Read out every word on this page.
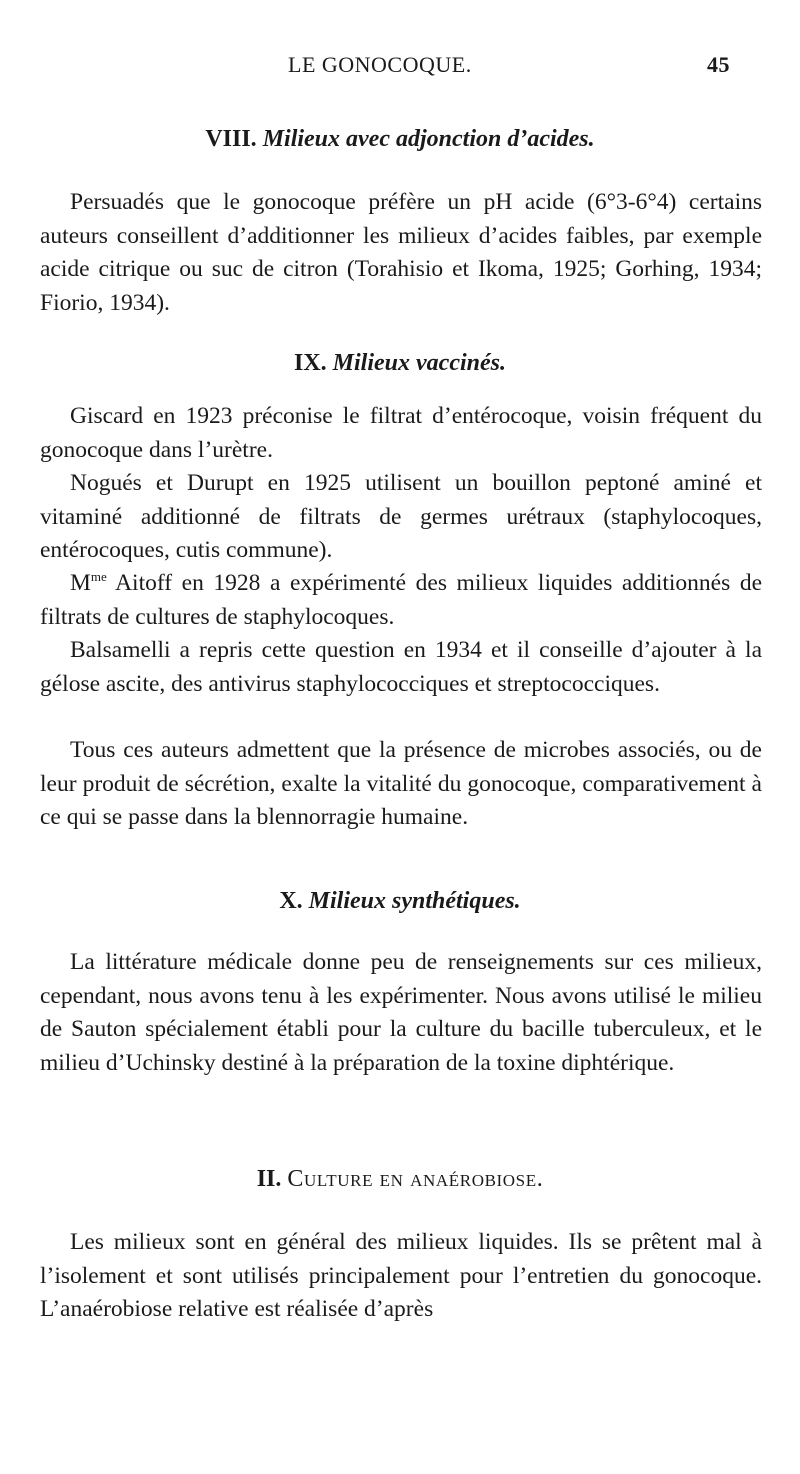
LE GONOCOQUE.	45
VIII. Milieux avec adjonction d’acides.

Persuadés que le gonocoque préfère un pH acide (6°3-6°4) certains auteurs conseillent d’additionner les milieux d’acides faibles, par exemple acide citrique ou suc de citron (Torahisio et Ikoma, 1925; Gorhing, 1934; Fiorio, 1934).

IX. Milieux vaccinés.

Giscard en 1923 préconise le filtrat d’entérocoque, voisin fréquent du gonocoque dans l’urètre.

Nogués et Durupt en 1925 utilisent un bouillon peptoné aminé et vitaminé additionné de filtrats de germes urétraux (staphylocoques, entérocoques, cutis commune).

$M^{me}$ Aitoff en 1928 a expérimenté des milieux liquides additionnés de filtrats de cultures de staphylocoques.

Balsamelli a repris cette question en 1934 et il conseille d’ajouter à la gélose ascite, des antivirus staphylococciques et streptococciques.

Tous ces auteurs admettent que la présence de microbes associés, ou de leur produit de sécrétion, exalte la vitalité du gonocoque, comparativement à ce qui se passe dans la blennorragie humaine.

X. Milieux synthétiques.

La littérature médicale donne peu de renseignements sur ces milieux, cependant, nous avons tenu à les expérimenter. Nous avons utilisé le milieu de Sauton spécialement établi pour la culture du bacille tuberculeux, et le milieu d’Uchinsky destiné à la préparation de la toxine diphtérique.

II. Culture en anaérobiose.

Les milieux sont en général des milieux liquides. Ils se prêtent mal à l’isolement et sont utilisés principalement pour l’entretien du gonocoque. L’anaérobiose relative est réalisée d’après
